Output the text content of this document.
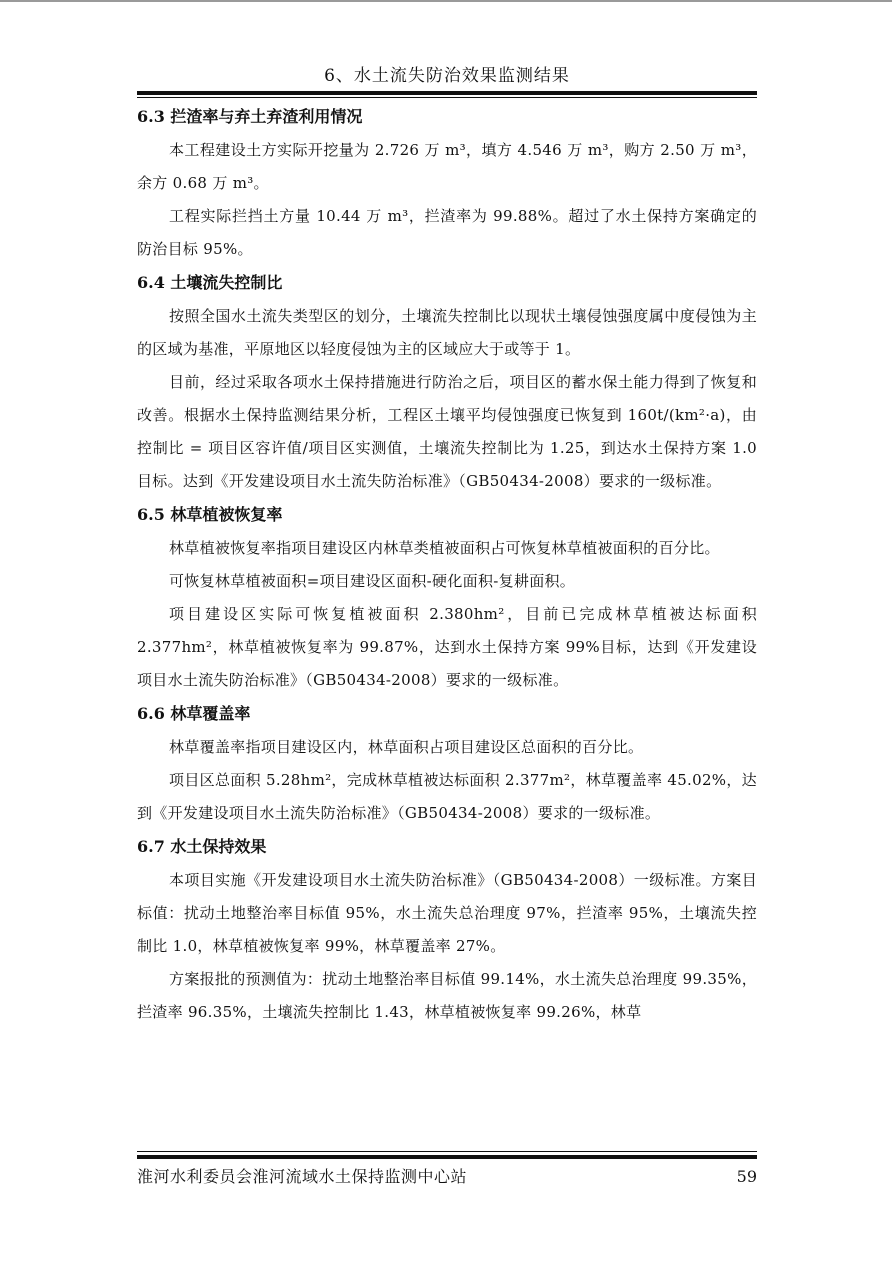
6、水土流失防治效果监测结果
6.3 拦渣率与弃土弃渣利用情况

本工程建设土方实际开挖量为 2.726 万 m³，填方 4.546 万 m³，购方 2.50 万 m³，余方 0.68 万 m³。

工程实际拦挡土方量 10.44 万 m³，拦渣率为 99.88%。超过了水土保持方案确定的防治目标 95%。

6.4 土壤流失控制比

按照全国水土流失类型区的划分，土壤流失控制比以现状土壤侵蚀强度属中度侵蚀为主的区域为基准，平原地区以轻度侵蚀为主的区域应大于或等于 1。

目前，经过采取各项水土保持措施进行防治之后，项目区的蓄水保土能力得到了恢复和改善。根据水土保持监测结果分析，工程区土壤平均侵蚀强度已恢复到 160t/(km²·a)，由控制比 = 项目区容许值/项目区实测值，土壤流失控制比为 1.25，到达水土保持方案 1.0 目标。达到《开发建设项目水土流失防治标准》（GB50434-2008）要求的一级标准。

6.5 林草植被恢复率

林草植被恢复率指项目建设区内林草类植被面积占可恢复林草植被面积的百分比。

可恢复林草植被面积=项目建设区面积-硬化面积-复耕面积。

项目建设区实际可恢复植被面积 2.380hm²，目前已完成林草植被达标面积 2.377hm²，林草植被恢复率为 99.87%，达到水土保持方案 99%目标，达到《开发建设项目水土流失防治标准》（GB50434-2008）要求的一级标准。

6.6 林草覆盖率

林草覆盖率指项目建设区内，林草面积占项目建设区总面积的百分比。

项目区总面积 5.28hm²，完成林草植被达标面积 2.377m²，林草覆盖率 45.02%，达到《开发建设项目水土流失防治标准》（GB50434-2008）要求的一级标准。

6.7 水土保持效果

本项目实施《开发建设项目水土流失防治标准》（GB50434-2008）一级标准。方案目标值：扰动土地整治率目标值 95%，水土流失总治理度 97%，拦渣率 95%，土壤流失控制比 1.0，林草植被恢复率 99%，林草覆盖率 27%。

方案报批的预测值为：扰动土地整治率目标值 99.14%，水土流失总治理度 99.35%，拦渣率 96.35%，土壤流失控制比 1.43，林草植被恢复率 99.26%，林草

淮河水利委员会淮河流域水土保持监测中心站	59
